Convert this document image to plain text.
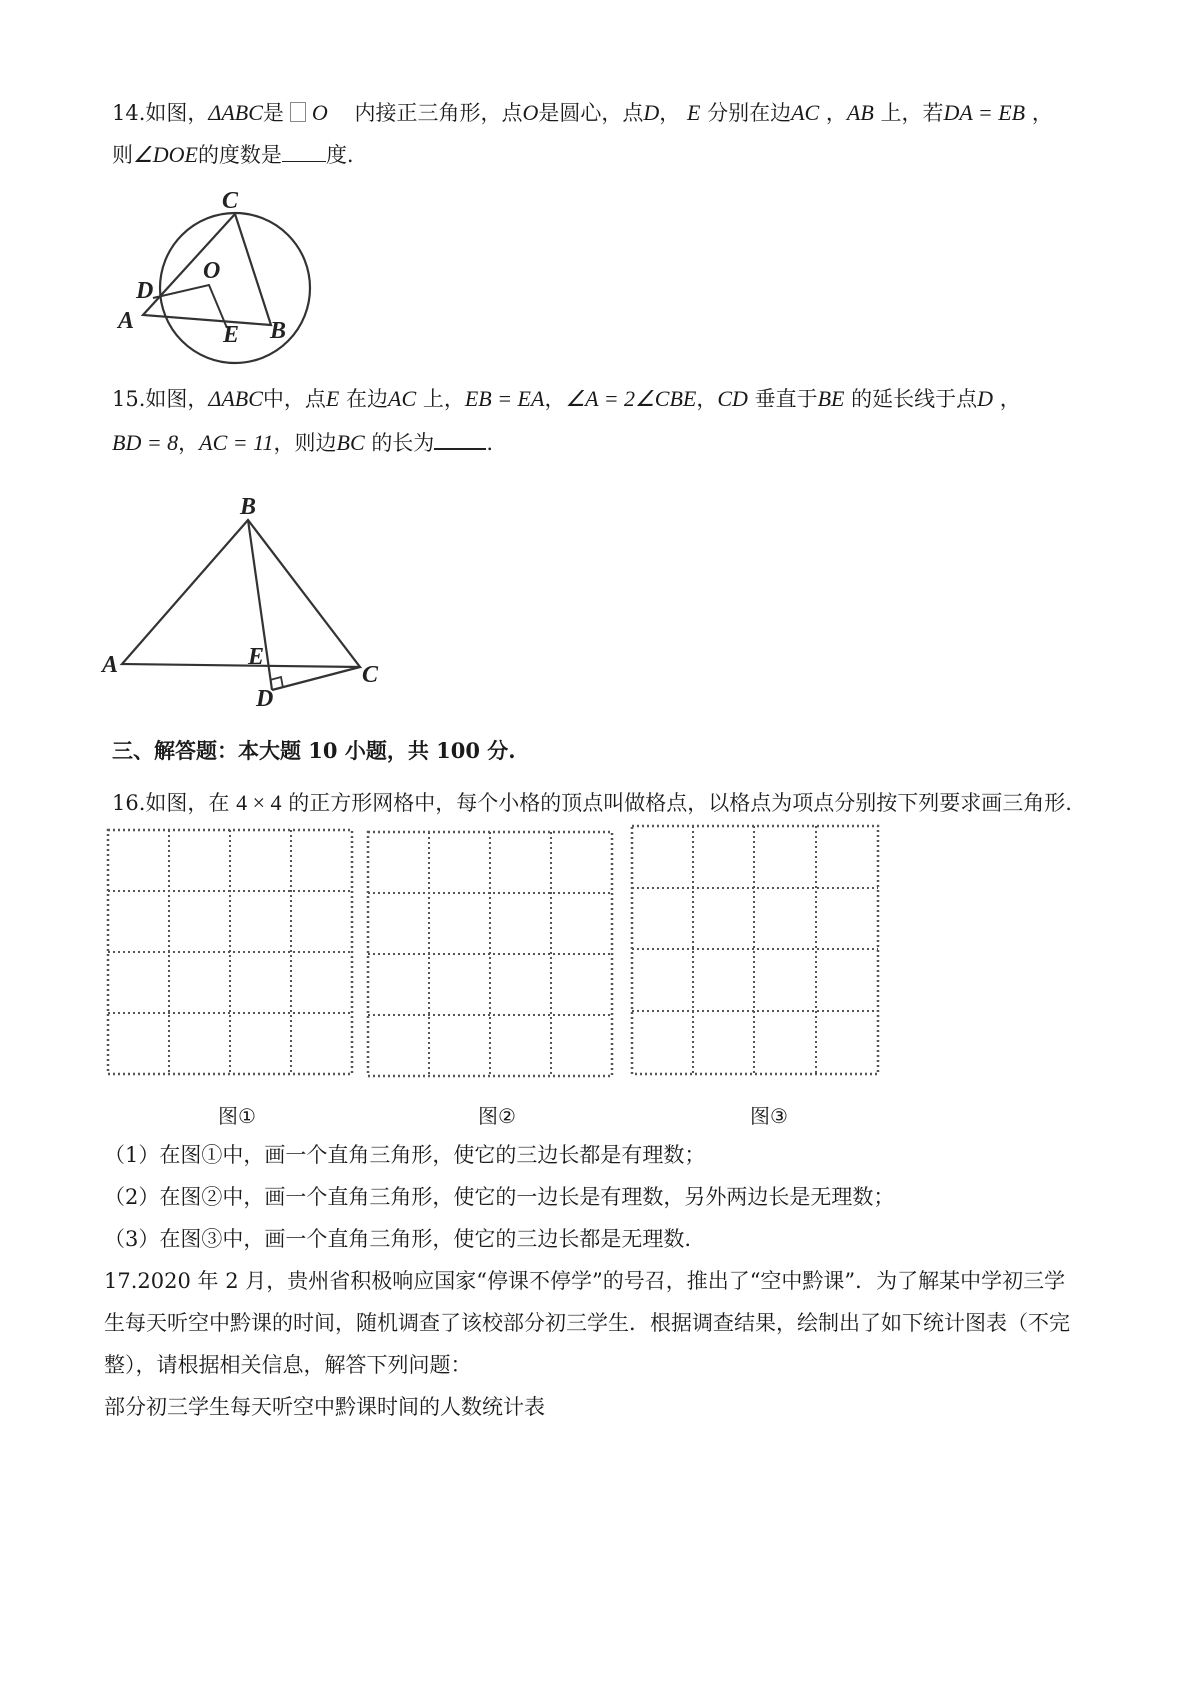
14.如图，ΔABC是 O 内接正三角形，点O是圆心，点D， E 分别在边AC ，AB 上，若DA = EB ，
则∠DOE的度数是 度.
C
O
D
A
E B
15.如图，ΔABC中，点E 在边AC 上，EB = EA，∠A = 2∠CBE，CD 垂直于BE 的延长线于点D ，
BD = 8，AC = 11，则边BC 的长为 .
B
A	E
C
D
三、解答题：本大题 10 小题，共 100 分.
16.如图，在 4 × 4 的正方形网格中，每个小格的顶点叫做格点，以格点为项点分别按下列要求画三角形.
图①	图②	图③
（1）在图①中，画一个直角三角形，使它的三边长都是有理数；
（2）在图②中，画一个直角三角形，使它的一边长是有理数，另外两边长是无理数；
（3）在图③中，画一个直角三角形，使它的三边长都是无理数.
17.2020 年 2 月，贵州省积极响应国家“停课不停学”的号召，推出了“空中黔课”．为了解某中学初三学
生每天听空中黔课的时间，随机调查了该校部分初三学生．根据调查结果，绘制出了如下统计图表（不完
整），请根据相关信息，解答下列问题：
部分初三学生每天听空中黔课时间的人数统计表
